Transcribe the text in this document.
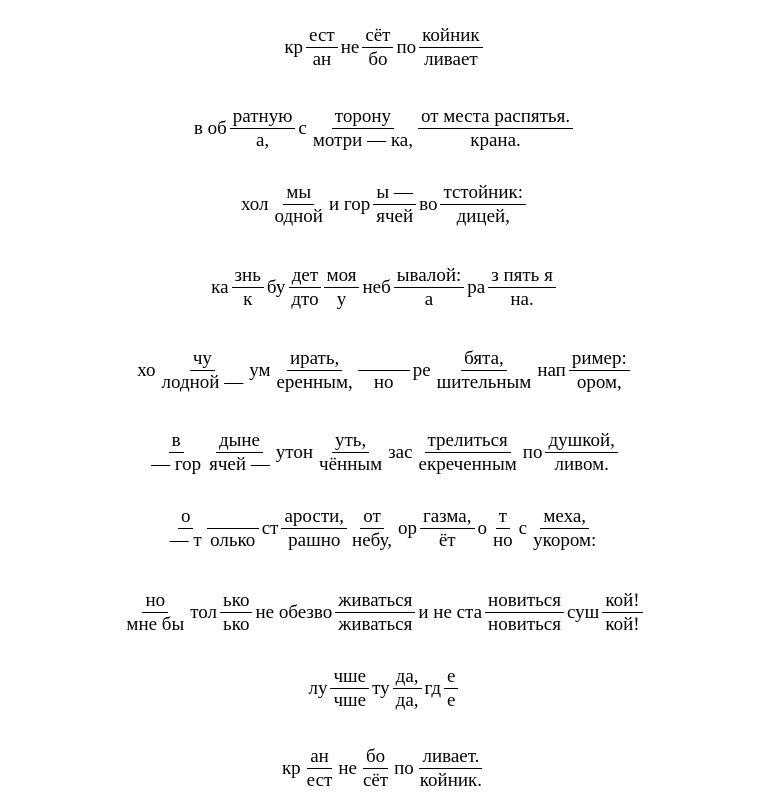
кр $\frac{\text{ест}}{ан}$ не $\frac{\text{сёт}}{бо}$ по $\frac{\text{койник}}{\text{ливает}}$
в об $\frac{\text{ратную}}{а,}$ с $\frac{\text{торону}}{\text{мотри — ка,}} \frac{\text{от места распятья.}}{\text{крана.}}$
хол $\frac{мы}{\text{одной}}$ и гор $\frac{ы —}{\text{ячей}}$ во $\frac{\text{тстойник:}}{\text{дицей,}}$
ка $\frac{\text{знь}}{к}$ бу $\frac{\text{дет}}{\text{дто}} \frac{\text{моя}}{у}$ неб $\frac{\text{ывалой:}}{а}$ ра $\frac{\text{з пять я}}{на.}$
хо $\frac{чу}{\text{лодной —}}$ ум $\frac{\text{ирать,}}{\text{еренным,}}$ но
ре $\frac{\text{бята,}}{\text{шительным}}$ нап $\frac{\text{ример:}}{\text{ором,}}$
$\frac{в}{\text{— гор}} \frac{\text{дыне}}{\text{ячей —}}$ утон $\frac{\text{уть,}}{\text{чённым}}$ зас $\frac{\text{трелиться}}{\text{екреченным}}$ по $\frac{\text{душкой,}}{\text{ливом.}}$
$\frac{о}{— т}$ олько
ст $\frac{\text{арости,}}{\text{рашно}} \frac{от}{\text{небу,}}$ ор $\frac{\text{газма,}}{ёт}$ о $\frac{т}{но}$ с $\frac{\text{меха,}}{\text{укором:}}$
$\frac{но}{\text{мне бы}}$ тол $\frac{\text{ько}}{\text{ько}}$ не обезво $\frac{\text{живаться}}{\text{живаться}}$ и не ста $\frac{\text{новиться}}{\text{новиться}}$ суш $\frac{\text{кой!}}{\text{кой!}}$
лу $\frac{\text{чше}}{\text{чше}}$ ту $\frac{да,}{да,}$ гд $\frac{е}{е}$
кр $\frac{ан}{\text{ест}}$ не $\frac{бо}{\text{сёт}}$ по $\frac{\text{ливает.}}{\text{койник.}}$
